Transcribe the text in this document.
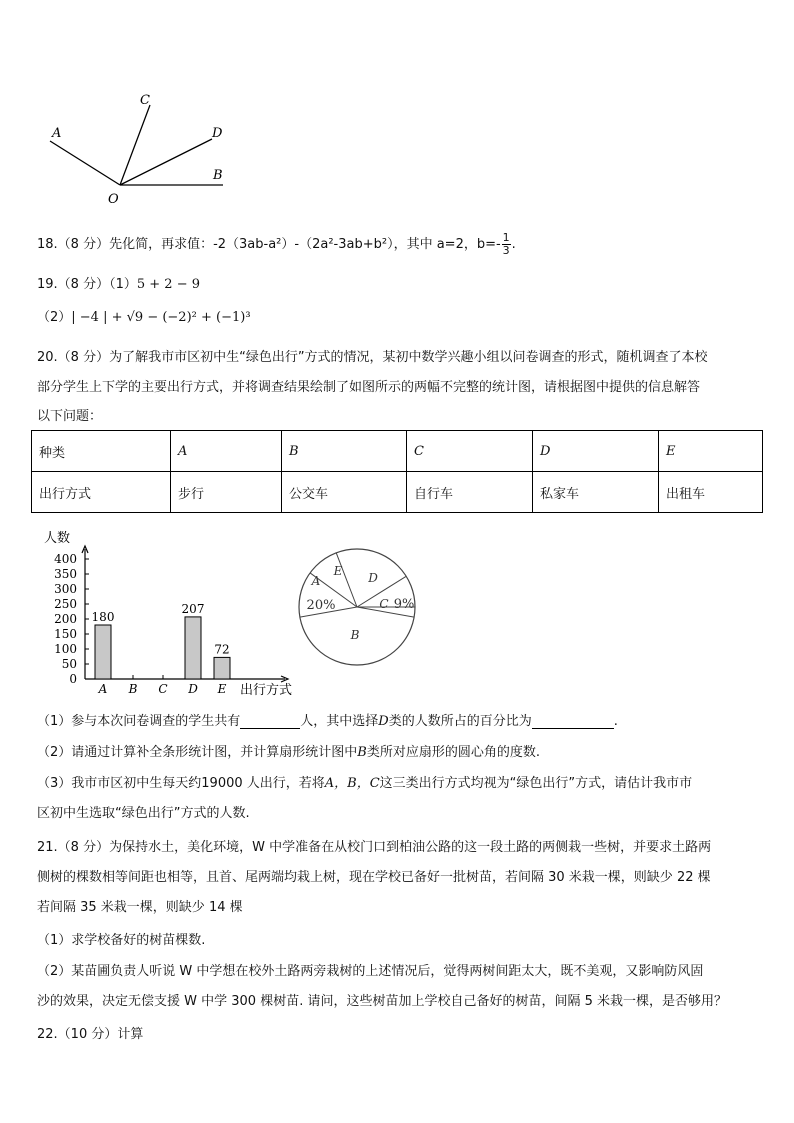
A
C
D
B
O
18.（8 分）先化简，再求值：-2（3ab-a²）-（2a²-3ab+b²），其中 a=2，$b=- \frac{1}{3}$ .
19.（8 分）（1）5 + 2 − 9
（2）| −4 | + √9 − (−2)² + (−1)³
20.（8 分）为了解我市市区初中生“绿色出行”方式的情况，某初中数学兴趣小组以问卷调查的形式，随机调查了本校
部分学生上下学的主要出行方式，并将调查结果绘制了如图所示的两幅不完整的统计图，请根据图中提供的信息解答
以下问题：
种类	A	B	C	D	E
出行方式	步行	公交车	自行车	私家车	出租车
人数
0
50
100
150
200
250
300
350
400
A
180
B C D
207
E
72
出行方式
A
E D
C
B
20%	9%
（1）参与本次问卷调查的学生共有	人，其中选择D类的人数所占的百分比为	.
（2）请通过计算补全条形统计图，并计算扇形统计图中B类所对应扇形的圆心角的度数.
（3）我市市区初中生每天约19000 人出行，若将A，B，C这三类出行方式均视为“绿色出行”方式，请估计我市市
区初中生选取“绿色出行”方式的人数.
21.（8 分）为保持水土，美化环境，W 中学准备在从校门口到柏油公路的这一段土路的两侧栽一些树，并要求土路两
侧树的棵数相等间距也相等，且首、尾两端均栽上树，现在学校已备好一批树苗，若间隔 30 米栽一棵，则缺少 22 棵
若间隔 35 米栽一棵，则缺少 14 棵
（1）求学校备好的树苗棵数.
（2）某苗圃负责人听说 W 中学想在校外土路两旁栽树的上述情况后，觉得两树间距太大，既不美观，又影响防风固
沙的效果，决定无偿支援 W 中学 300 棵树苗. 请问，这些树苗加上学校自己备好的树苗，间隔 5 米栽一棵，是否够用？
22.（10 分）计算
